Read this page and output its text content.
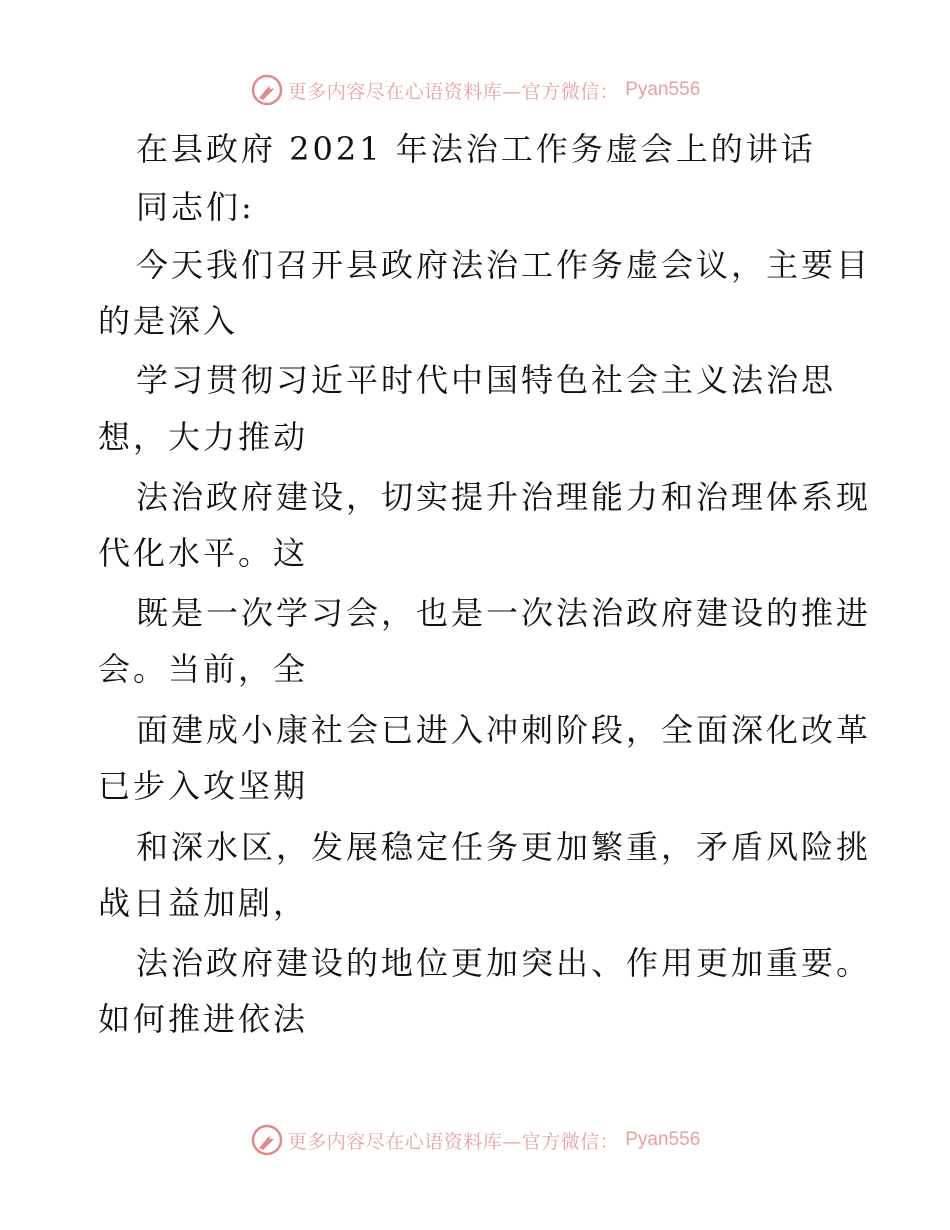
更多内容尽在心语资料库—官方微信： Pyan556
在县政府 2021 年法治工作务虚会上的讲话
同志们:
今天我们召开县政府法治工作务虚会议，主要目
的是深入
学习贯彻习近平时代中国特色社会主义法治思
想，大力推动
法治政府建设，切实提升治理能力和治理体系现
代化水平。这
既是一次学习会，也是一次法治政府建设的推进
会。当前，全
面建成小康社会已进入冲刺阶段，全面深化改革
已步入攻坚期
和深水区，发展稳定任务更加繁重，矛盾风险挑
战日益加剧，
法治政府建设的地位更加突出、作用更加重要。
如何推进依法
更多内容尽在心语资料库—官方微信： Pyan556
